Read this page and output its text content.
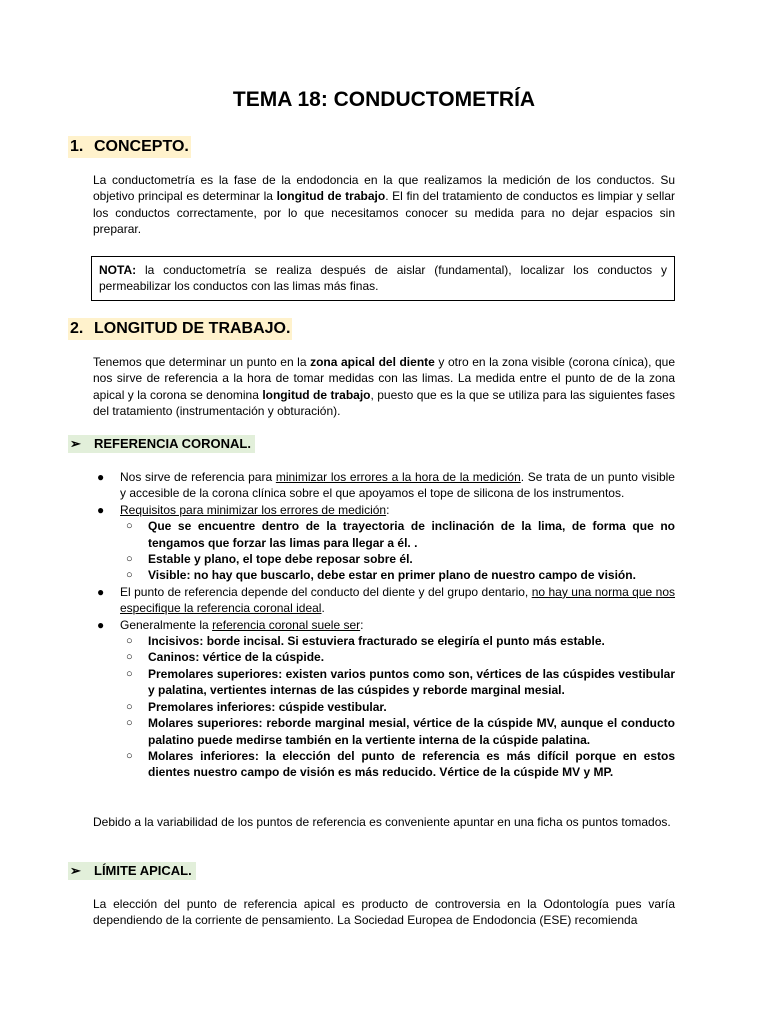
TEMA 18: CONDUCTOMETRÍA
1. CONCEPTO.

La conductometría es la fase de la endodoncia en la que realizamos la medición de los conductos. Su objetivo principal es determinar la longitud de trabajo. El fin del tratamiento de conductos es limpiar y sellar los conductos correctamente, por lo que necesitamos conocer su medida para no dejar espacios sin preparar.

NOTA: la conductometría se realiza después de aislar (fundamental), localizar los conductos y permeabilizar los conductos con las limas más finas.
2. LONGITUD DE TRABAJO.

Tenemos que determinar un punto en la zona apical del diente y otro en la zona visible (corona cínica), que nos sirve de referencia a la hora de tomar medidas con las limas. La medida entre el punto de de la zona apical y la corona se denomina longitud de trabajo, puesto que es la que se utiliza para las siguientes fases del tratamiento (instrumentación y obturación).

➢ REFERENCIA CORONAL.
● Nos sirve de referencia para minimizar los errores a la hora de la medición. Se trata de un punto visible y accesible de la corona clínica sobre el que apoyamos el tope de silicona de los instrumentos.
● Requisitos para minimizar los errores de medición:
○ Que se encuentre dentro de la trayectoria de inclinación de la lima, de forma que no tengamos que forzar las limas para llegar a él. .
○ Estable y plano, el tope debe reposar sobre él.
○ Visible: no hay que buscarlo, debe estar en primer plano de nuestro campo de visión.
● El punto de referencia depende del conducto del diente y del grupo dentario, no hay una norma que nos especifique la referencia coronal ideal.
● Generalmente la referencia coronal suele ser:
○ Incisivos: borde incisal. Si estuviera fracturado se elegiría el punto más estable.
○ Caninos: vértice de la cúspide.
○ Premolares superiores: existen varios puntos como son, vértices de las cúspides vestibular y palatina, vertientes internas de las cúspides y reborde marginal mesial.
○ Premolares inferiores: cúspide vestibular.
○ Molares superiores: reborde marginal mesial, vértice de la cúspide MV, aunque el conducto palatino puede medirse también en la vertiente interna de la cúspide palatina.
○ Molares inferiores: la elección del punto de referencia es más difícil porque en estos dientes nuestro campo de visión es más reducido. Vértice de la cúspide MV y MP.

Debido a la variabilidad de los puntos de referencia es conveniente apuntar en una ficha os puntos tomados.

➢ LÍMITE APICAL.

La elección del punto de referencia apical es producto de controversia en la Odontología pues varía dependiendo de la corriente de pensamiento. La Sociedad Europea de Endodoncia (ESE) recomienda
